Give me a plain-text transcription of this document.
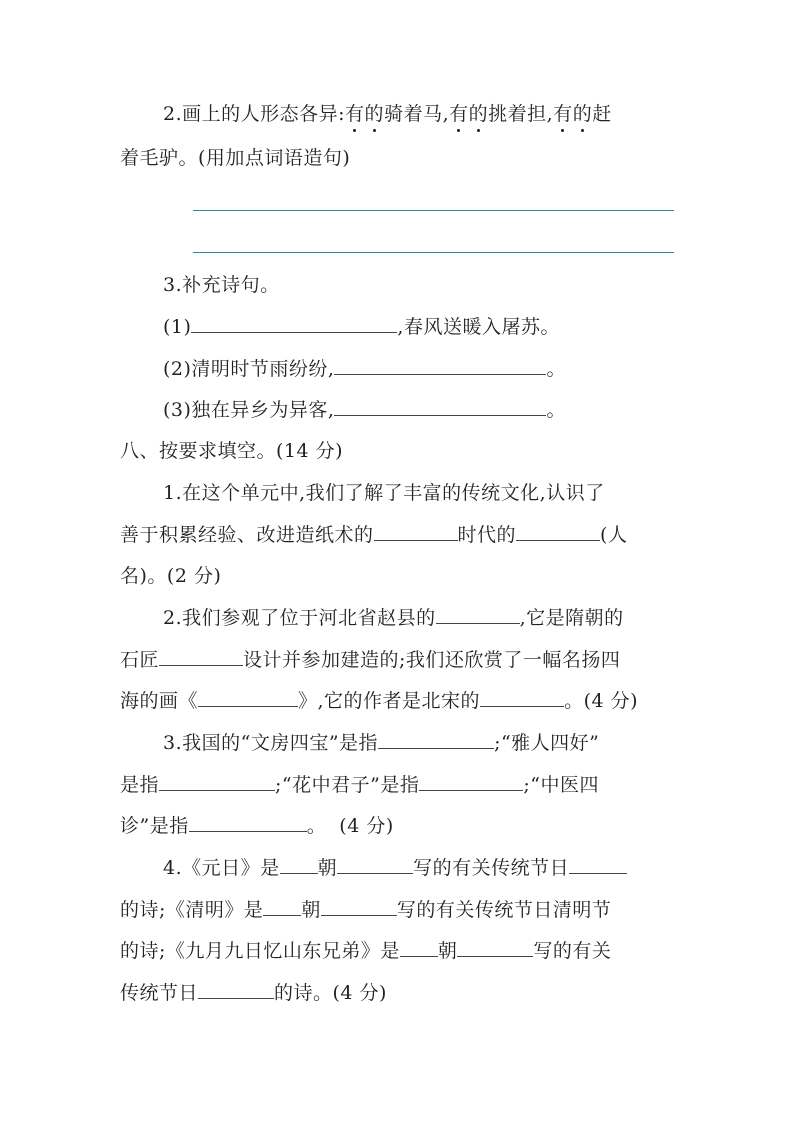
2.画上的人形态各异:有的骑着马,有的挑着担,有的赶
着毛驴。(用加点词语造句)
3.补充诗句。
(1)	,春风送暖入屠苏。
(2)清明时节雨纷纷,	。
(3)独在异乡为异客,	。
八、按要求填空。(14 分)
1.在这个单元中,我们了解了丰富的传统文化,认识了
善于积累经验、改进造纸术的	时代的	(人
名)。(2 分)
2.我们参观了位于河北省赵县的	,它是隋朝的
石匠	设计并参加建造的;我们还欣赏了一幅名扬四
海的画《	》,它的作者是北宋的	。(4 分)
3.我国的“文房四宝”是指	;“雅人四好”
是指	;“花中君子”是指	;“中医四
诊”是指	。  (4 分)
4.《元日》是 朝	写的有关传统节日
的诗;《清明》是 朝	写的有关传统节日清明节
的诗;《九月九日忆山东兄弟》是 朝	写的有关
传统节日	的诗。(4 分)
